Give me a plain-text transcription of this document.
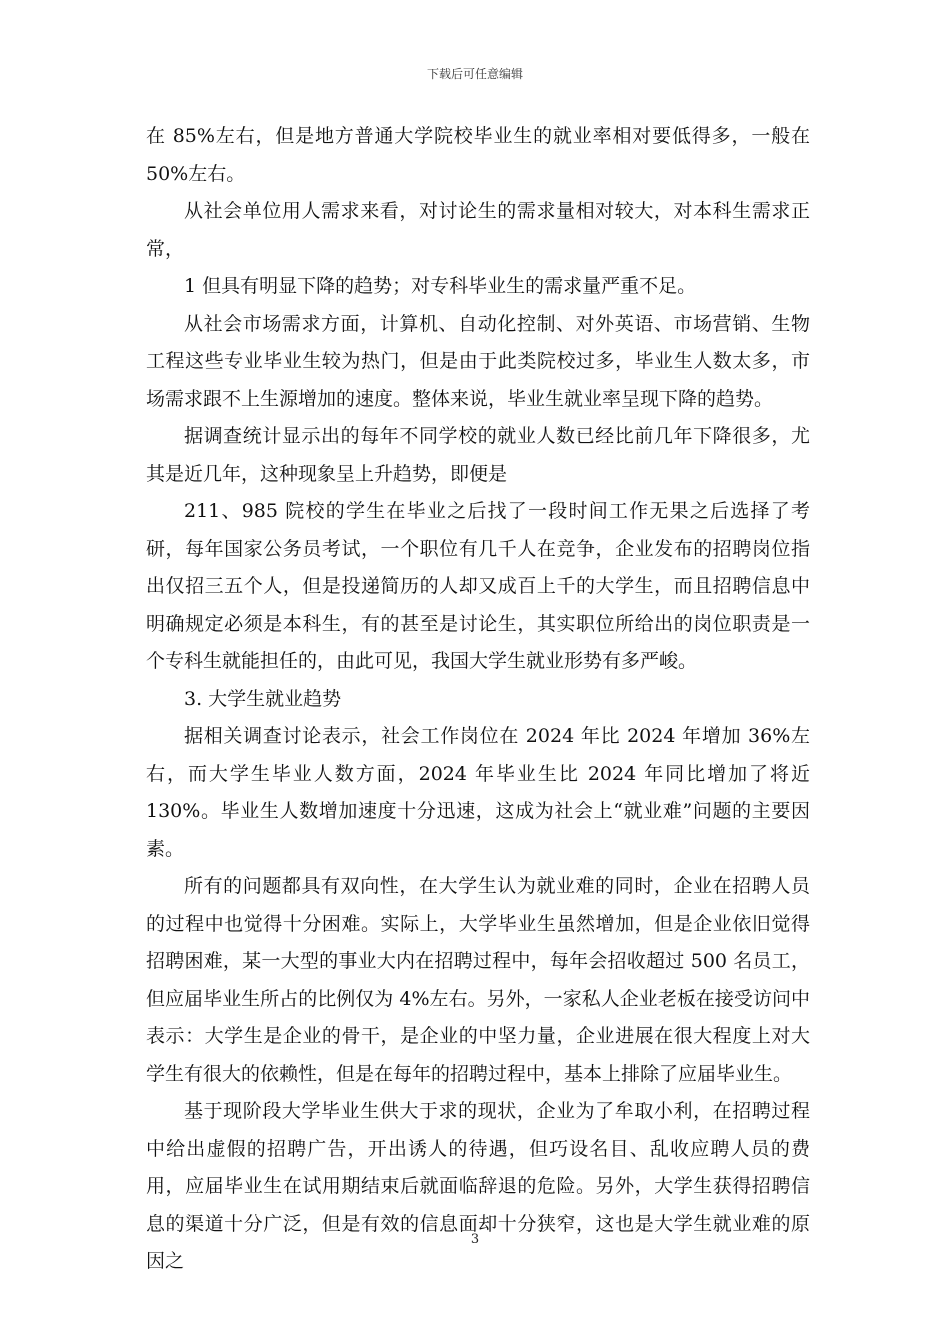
下载后可任意编辑

在 85%左右，但是地方普通大学院校毕业生的就业率相对要低得多，一般在 50%左右。

从社会单位用人需求来看，对讨论生的需求量相对较大，对本科生需求正常，

1 但具有明显下降的趋势；对专科毕业生的需求量严重不足。

从社会市场需求方面，计算机、自动化控制、对外英语、市场营销、生物工程这些专业毕业生较为热门，但是由于此类院校过多，毕业生人数太多，市场需求跟不上生源增加的速度。整体来说，毕业生就业率呈现下降的趋势。

据调查统计显示出的每年不同学校的就业人数已经比前几年下降很多，尤其是近几年，这种现象呈上升趋势，即便是

211、985 院校的学生在毕业之后找了一段时间工作无果之后选择了考研，每年国家公务员考试，一个职位有几千人在竞争，企业发布的招聘岗位指出仅招三五个人，但是投递简历的人却又成百上千的大学生，而且招聘信息中明确规定必须是本科生，有的甚至是讨论生，其实职位所给出的岗位职责是一个专科生就能担任的，由此可见，我国大学生就业形势有多严峻。

3. 大学生就业趋势

据相关调查讨论表示，社会工作岗位在 2024 年比 2024 年增加 36%左右，而大学生毕业人数方面，2024 年毕业生比 2024 年同比增加了将近 130%。毕业生人数增加速度十分迅速，这成为社会上“就业难”问题的主要因素。

所有的问题都具有双向性，在大学生认为就业难的同时，企业在招聘人员的过程中也觉得十分困难。实际上，大学毕业生虽然增加，但是企业依旧觉得招聘困难，某一大型的事业大内在招聘过程中，每年会招收超过 500 名员工，但应届毕业生所占的比例仅为 4%左右。另外，一家私人企业老板在接受访问中表示：大学生是企业的骨干，是企业的中坚力量，企业进展在很大程度上对大学生有很大的依赖性，但是在每年的招聘过程中，基本上排除了应届毕业生。

基于现阶段大学毕业生供大于求的现状，企业为了牟取小利，在招聘过程中给出虚假的招聘广告，开出诱人的待遇，但巧设名目、乱收应聘人员的费用，应届毕业生在试用期结束后就面临辞退的危险。另外，大学生获得招聘信息的渠道十分广泛，但是有效的信息面却十分狭窄，这也是大学生就业难的原因之

3
